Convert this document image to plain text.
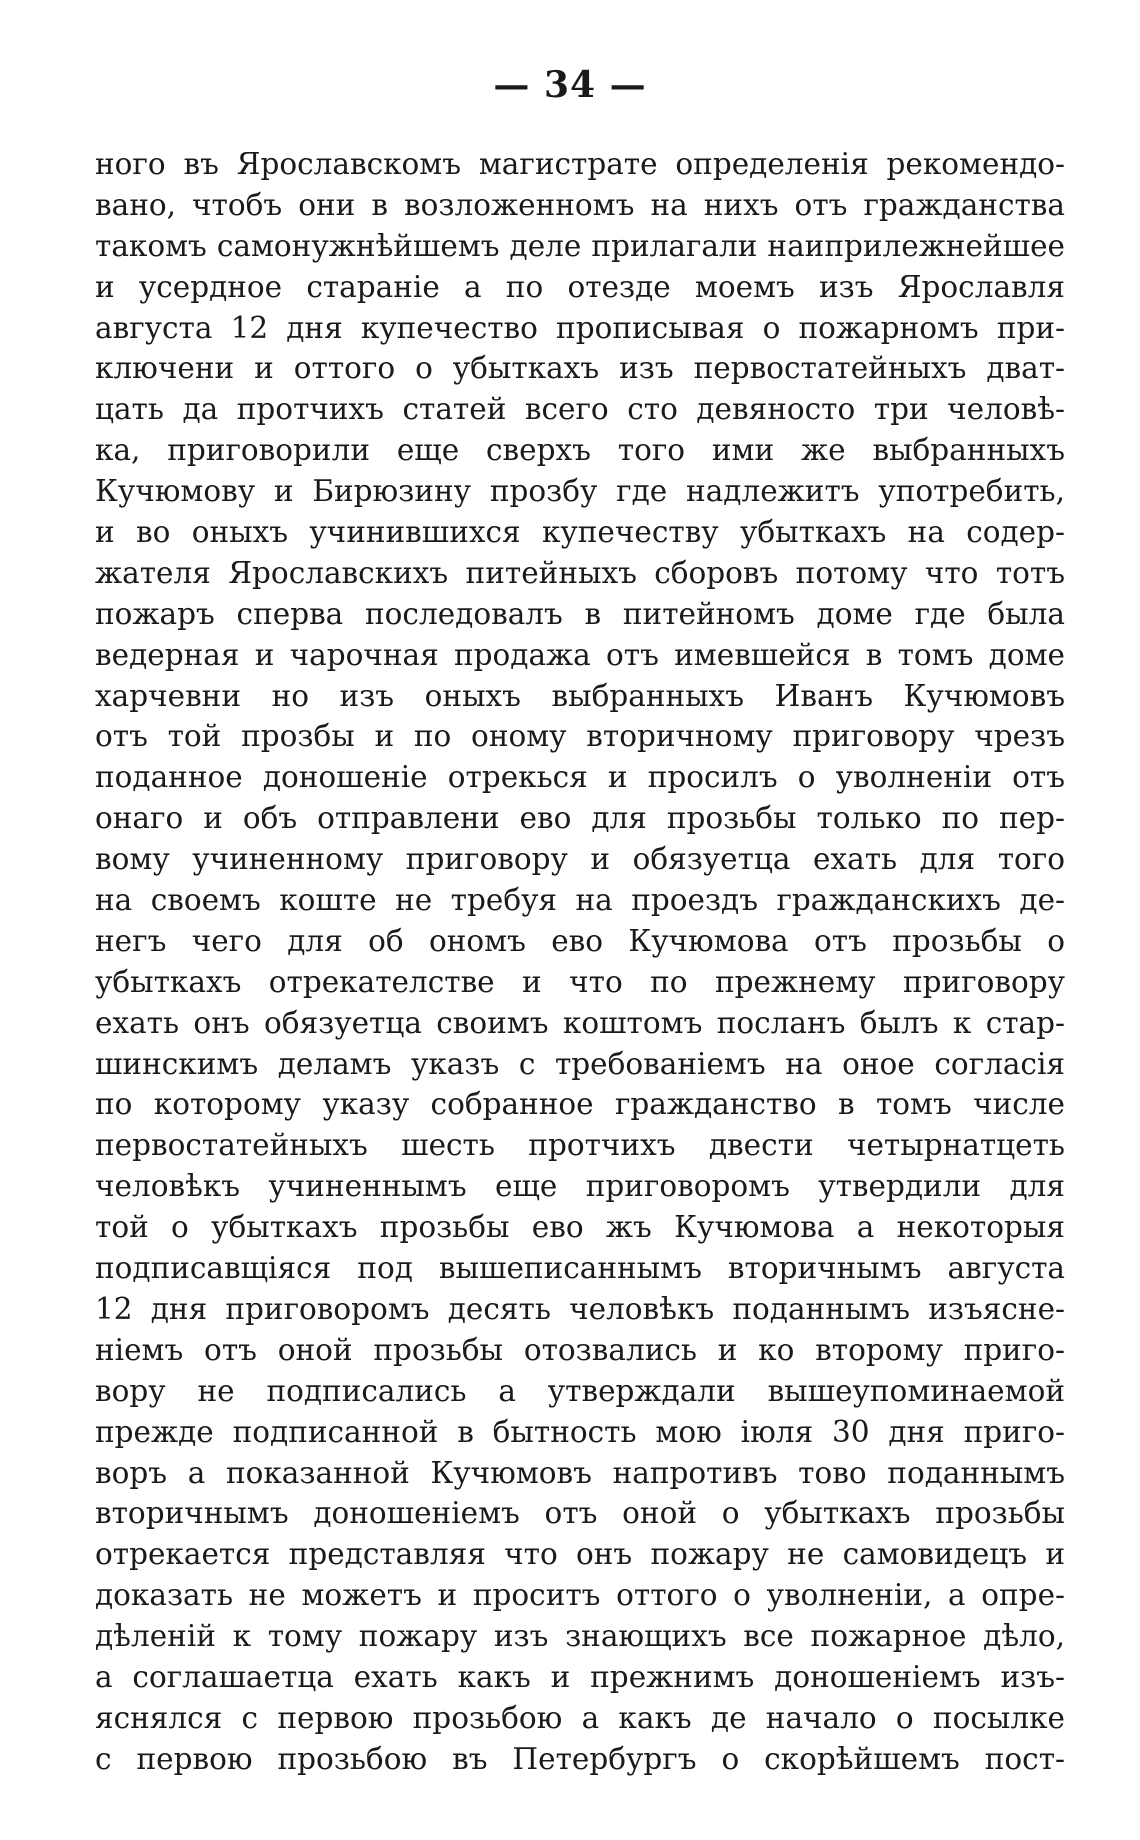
— 34 —
ного въ Ярославскомъ магистрате определенія рекомендо-
вано, чтобъ они в возложенномъ на нихъ отъ гражданства
такомъ самонужнѣйшемъ деле прилагали наиприлежнейшее
и усердное стараніе а по отезде моемъ изъ Ярославля
августа 12 дня купечество прописывая о пожарномъ при-
ключени и оттого о убыткахъ изъ первостатейныхъ дват-
цать да протчихъ статей всего сто девяносто три человѣ-
ка, приговорили еще сверхъ того ими же выбранныхъ
Кучюмову и Бирюзину прозбу где надлежитъ употребить,
и во оныхъ учинившихся купечеству убыткахъ на содер-
жателя Ярославскихъ питейныхъ сборовъ потому что тотъ
пожаръ сперва последовалъ в питейномъ доме где была
ведерная и чарочная продажа отъ имевшейся в томъ доме
харчевни но изъ оныхъ выбранныхъ Иванъ Кучюмовъ
отъ той прозбы и по оному вторичному приговору чрезъ
поданное доношеніе отрекься и просилъ о уволненіи отъ
онаго и объ отправлени ево для прозьбы только по пер-
вому учиненному приговору и обязуетца ехать для того
на своемъ коште не требуя на проездъ гражданскихъ де-
негъ чего для об ономъ ево Кучюмова отъ прозьбы о
убыткахъ отрекателстве и что по прежнему приговору
ехать онъ обязуетца своимъ коштомъ посланъ былъ к стар-
шинскимъ деламъ указъ с требованіемъ на оное согласія
по которому указу собранное гражданство в томъ числе
первостатейныхъ шесть протчихъ двести четырнатцеть
человѣкъ учиненнымъ еще приговоромъ утвердили для
той о убыткахъ прозьбы ево жъ Кучюмова а некоторыя
подписавщіяся под вышеписаннымъ вторичнымъ августа
12 дня приговоромъ десять человѣкъ поданнымъ изъясне-
ніемъ отъ оной прозьбы отозвались и ко второму приго-
вору не подписались а утверждали вышеупоминаемой
прежде подписанной в бытность мою іюля 30 дня приго-
воръ а показанной Кучюмовъ напротивъ тово поданнымъ
вторичнымъ доношеніемъ отъ оной о убыткахъ прозьбы
отрекается представляя что онъ пожару не самовидецъ и
доказать не можетъ и проситъ оттого о уволненіи, а опре-
дѣленій к тому пожару изъ знающихъ все пожарное дѣло,
а соглашаетца ехать какъ и прежнимъ доношеніемъ изъ-
яснялся с первою прозьбою а какъ де начало о посылке
с первою прозьбою въ Петербургъ о скорѣйшемъ пост-
